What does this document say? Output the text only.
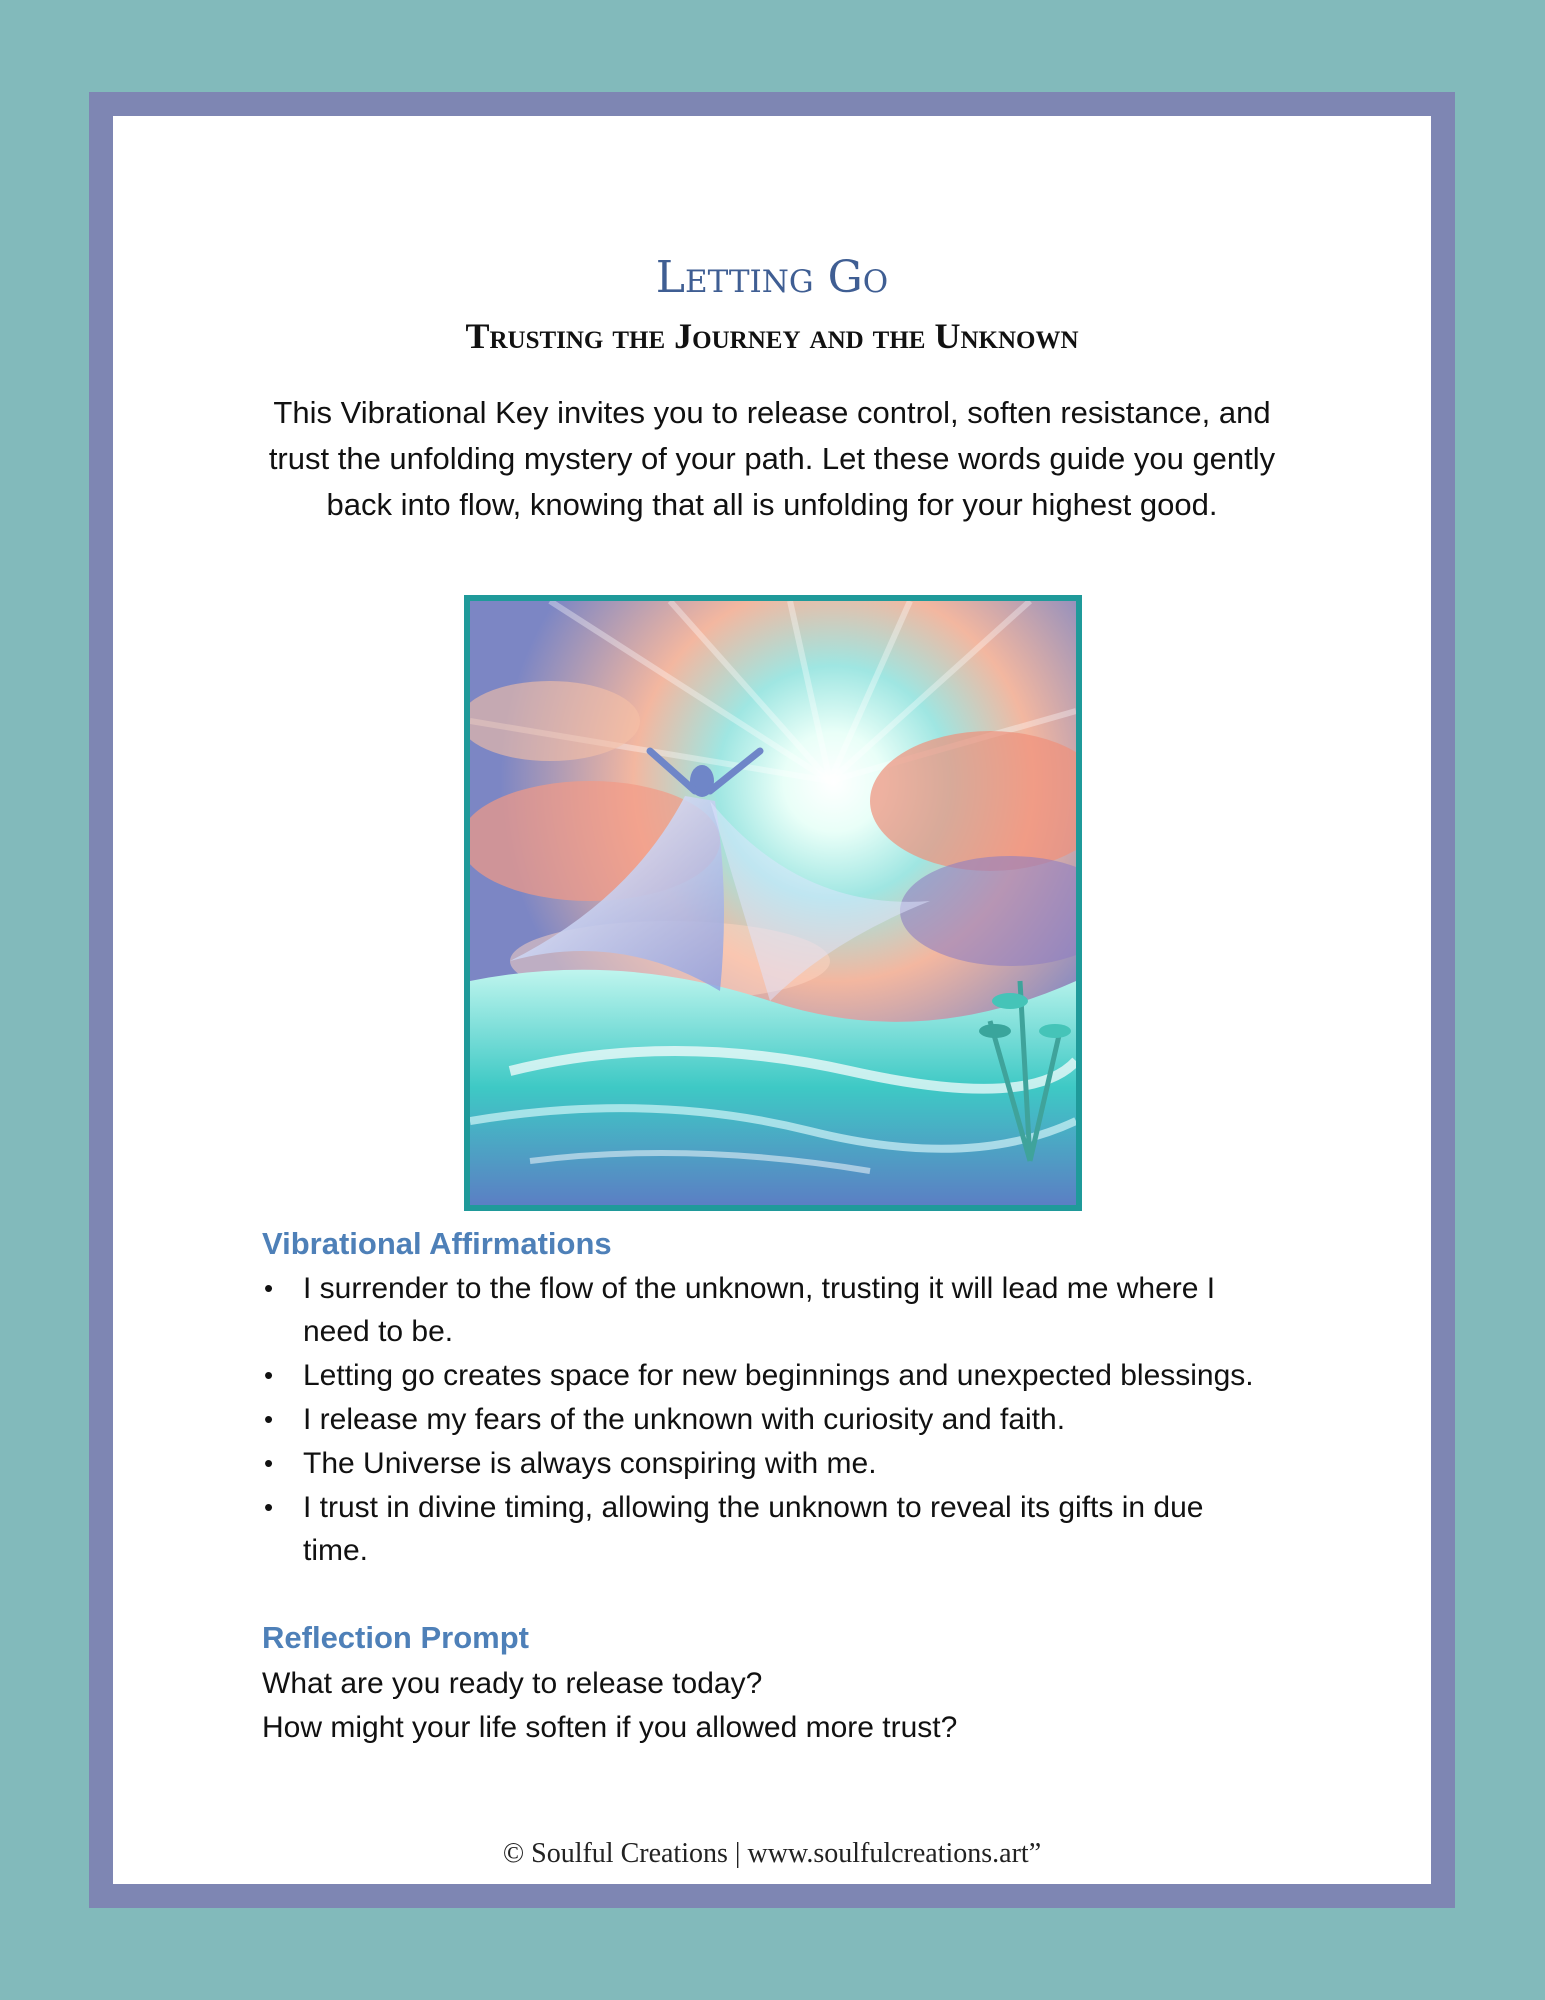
Letting Go
Trusting the Journey and the Unknown

This Vibrational Key invites you to release control, soften resistance, and trust the unfolding mystery of your path. Let these words guide you gently back into flow, knowing that all is unfolding for your highest good.

Vibrational Affirmations
• I surrender to the flow of the unknown, trusting it will lead me where I need to be.
• Letting go creates space for new beginnings and unexpected blessings.
• I release my fears of the unknown with curiosity and faith.
• The Universe is always conspiring with me.
• I trust in divine timing, allowing the unknown to reveal its gifts in due time.
Reflection Prompt
What are you ready to release today?
How might your life soften if you allowed more trust?
© Soulful Creations | www.soulfulcreations.art”
